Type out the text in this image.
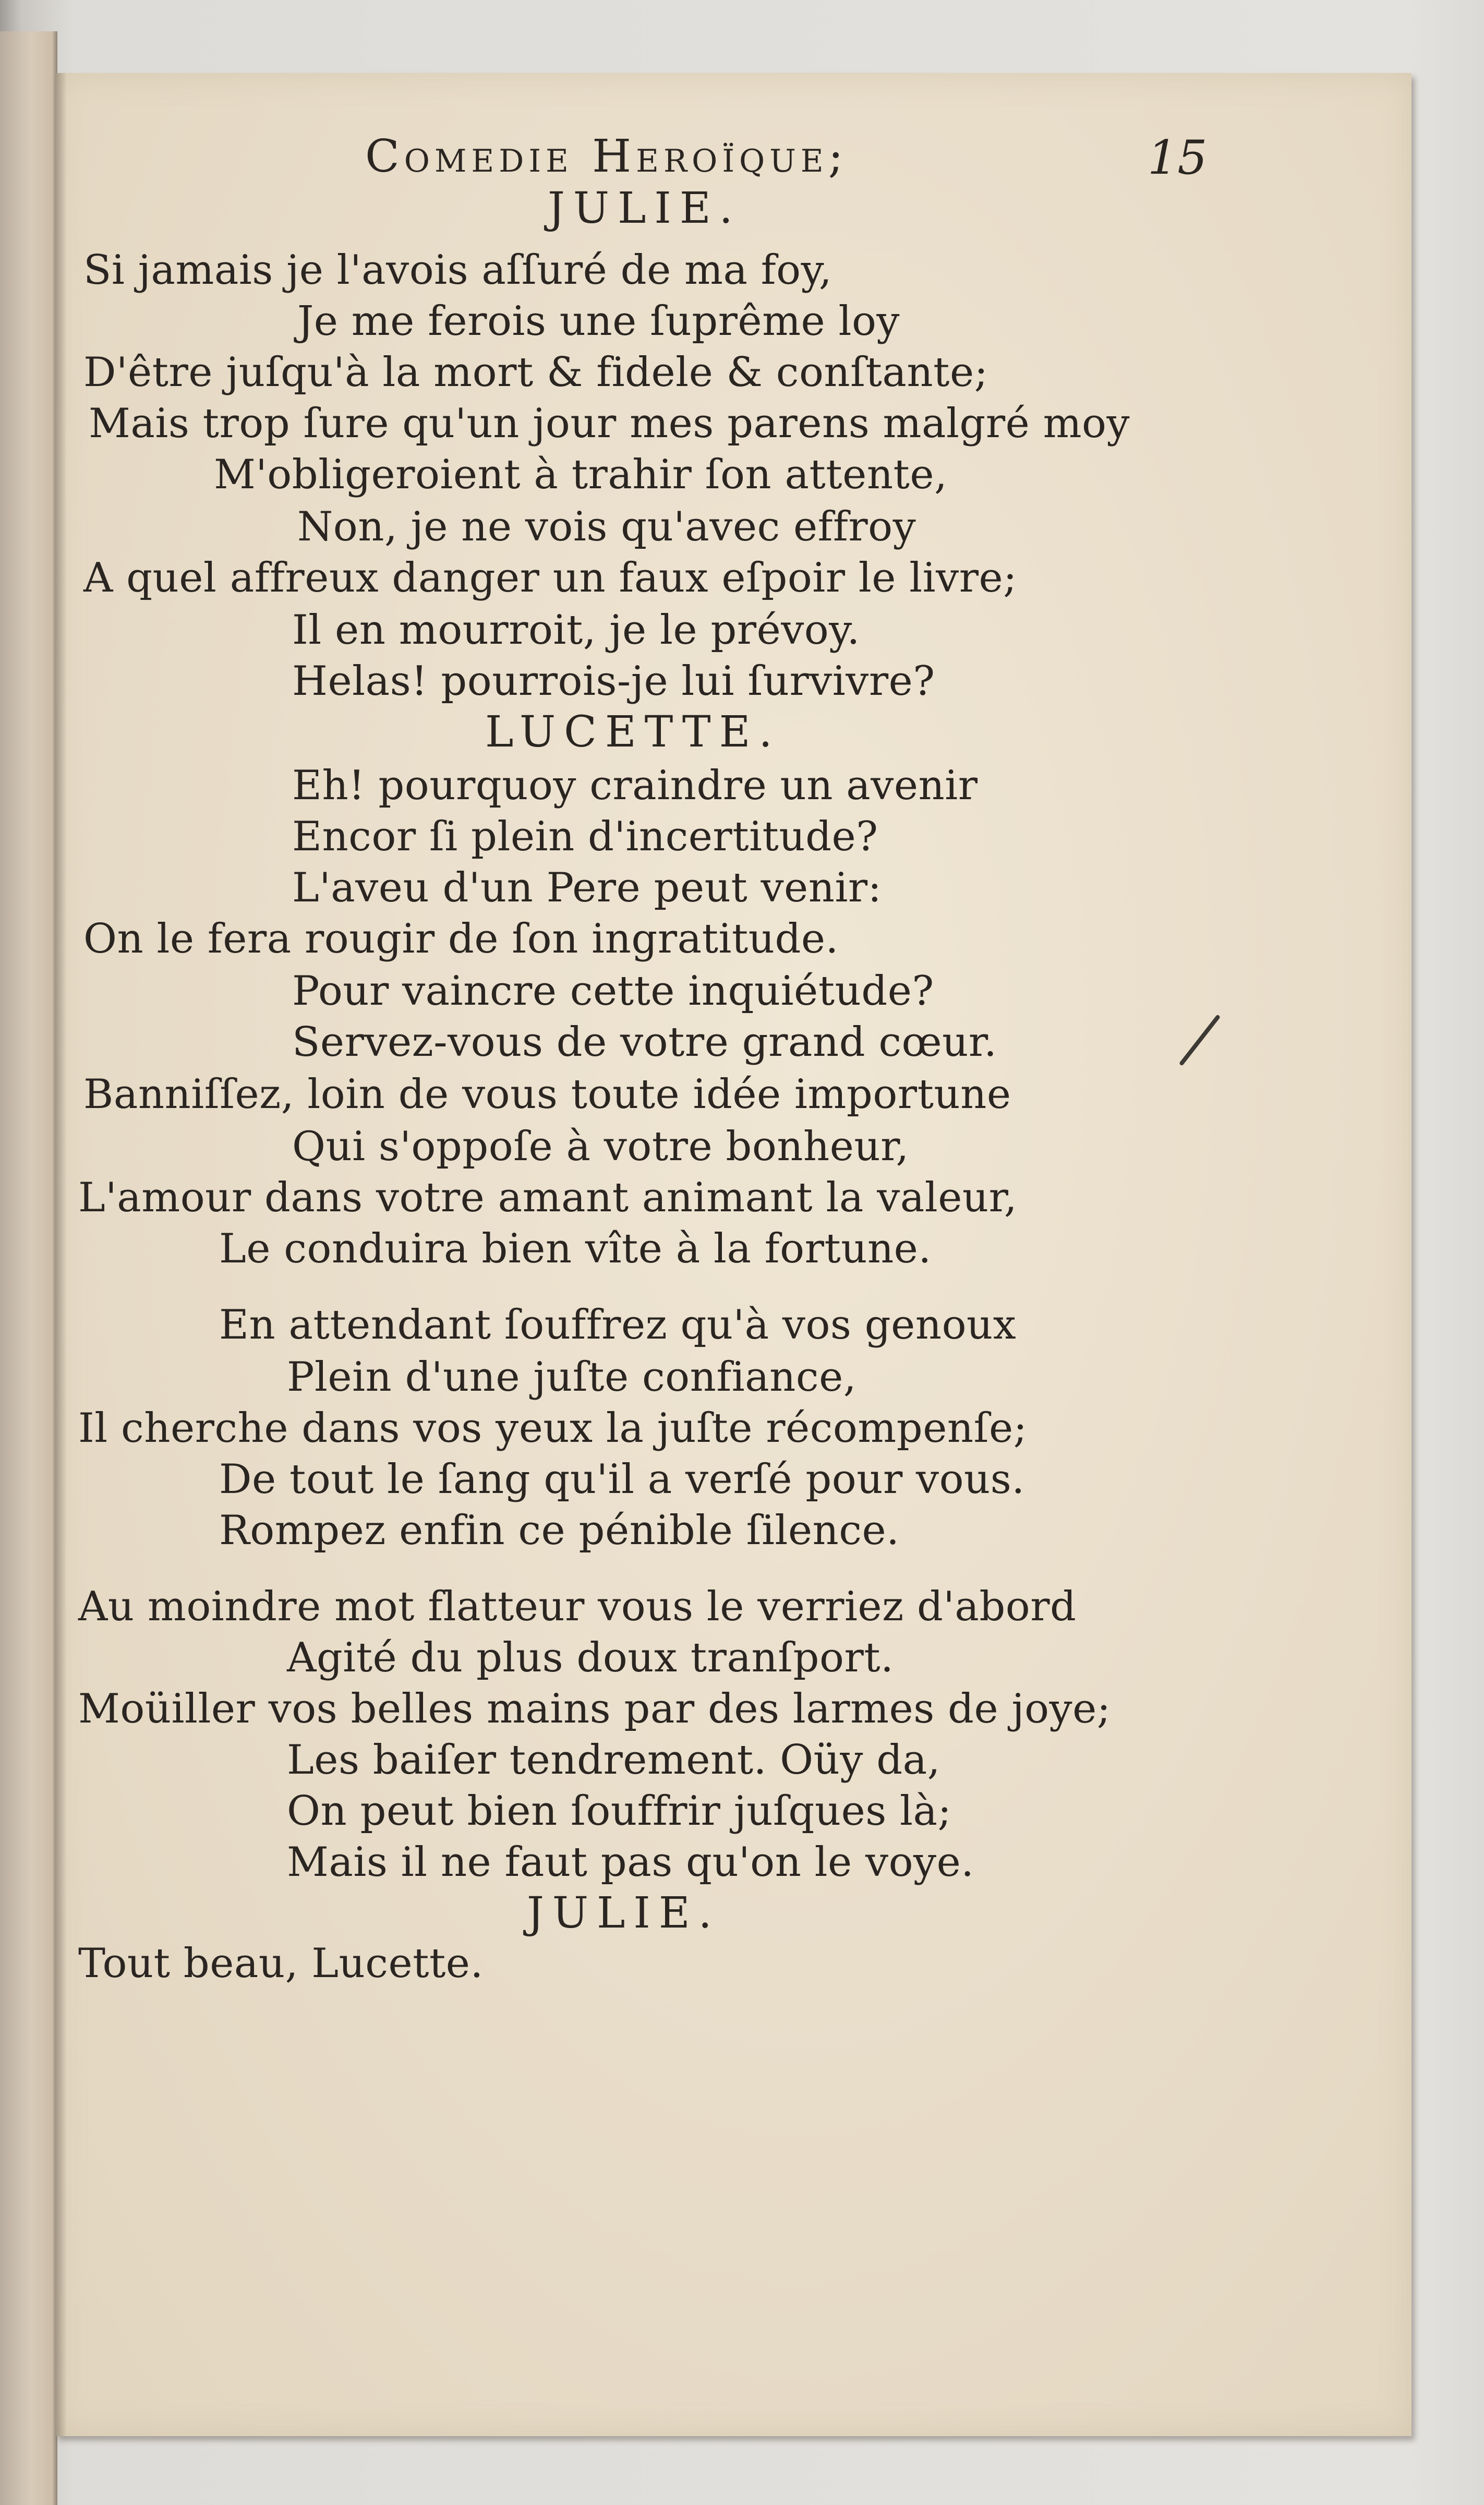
Comedie Heroïque;	15
JULIE.
Si jamais je l'avois aſſuré de ma foy,
Je me ferois une ſuprême loy
D'être juſqu'à la mort & fidele & conſtante;
Mais trop ſure qu'un jour mes parens malgré moy
M'obligeroient à trahir ſon attente,
Non, je ne vois qu'avec effroy
A quel affreux danger un faux eſpoir le livre;
Il en mourroit, je le prévoy.
Helas! pourrois-je lui ſurvivre?
LUCETTE.
Eh! pourquoy craindre un avenir
Encor ſi plein d'incertitude?
L'aveu d'un Pere peut venir:
On le fera rougir de ſon ingratitude.
Pour vaincre cette inquiétude?
Servez-vous de votre grand cœur.
Banniſſez, loin de vous toute idée importune
Qui s'oppoſe à votre bonheur,
L'amour dans votre amant animant la valeur,
Le conduira bien vîte à la fortune.
En attendant ſouffrez qu'à vos genoux
Plein d'une juſte confiance,
Il cherche dans vos yeux la juſte récompenſe;
De tout le ſang qu'il a verſé pour vous.
Rompez enfin ce pénible ſilence.
Au moindre mot flatteur vous le verriez d'abord
Agité du plus doux tranſport.
Moüiller vos belles mains par des larmes de joye;
Les baiſer tendrement. Oüy da,
On peut bien ſouffrir juſques là;
Mais il ne faut pas qu'on le voye.
JULIE.
Tout beau, Lucette.
